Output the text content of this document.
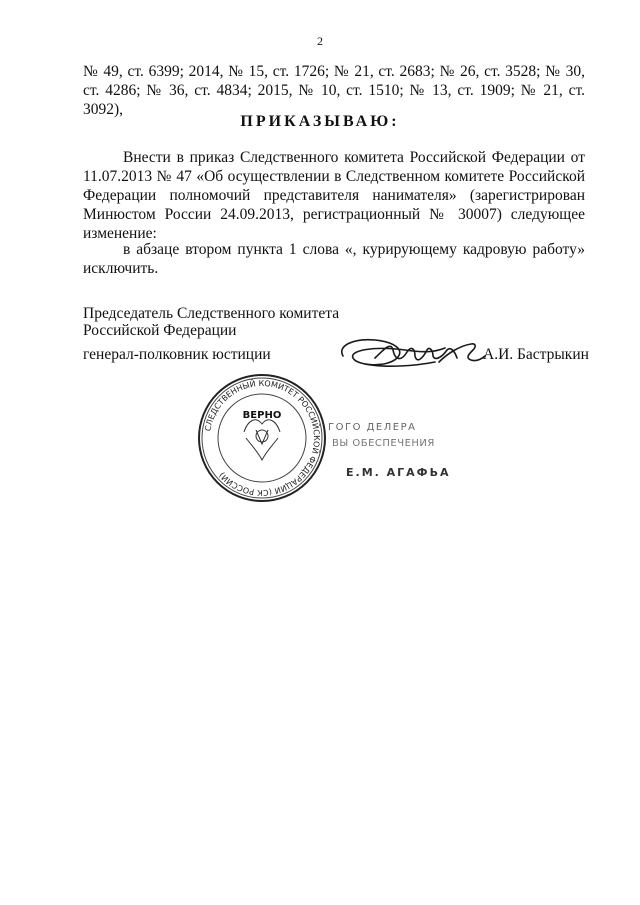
2
№ 49, ст. 6399; 2014, № 15, ст. 1726; № 21, ст. 2683; № 26, ст. 3528; № 30, ст. 4286; № 36, ст. 4834; 2015, № 10, ст. 1510; № 13, ст. 1909; № 21, ст. 3092),
ПРИКАЗЫВАЮ:
Внести в приказ Следственного комитета Российской Федерации от 11.07.2013 № 47 «Об осуществлении в Следственном комитете Российской Федерации полномочий представителя нанимателя» (зарегистрирован Минюстом России 24.09.2013, регистрационный № 30007) следующее изменение:
в абзаце втором пункта 1 слова «, курирующему кадровую работу» исключить.
Председатель Следственного комитета Российской Федерации
генерал-полковник юстиции	А.И. Бастрыкин
СЛЕДСТВЕННЫЙ КОМИТЕТ РОССИЙСКОЙ ФЕДЕРАЦИИ (СК РОССИИ)
ВЕРНО
ГОГО ДЕЛЕРА
ВЫ ОБЕСПЕЧЕНИЯ
Е.М. АГАФЬА
